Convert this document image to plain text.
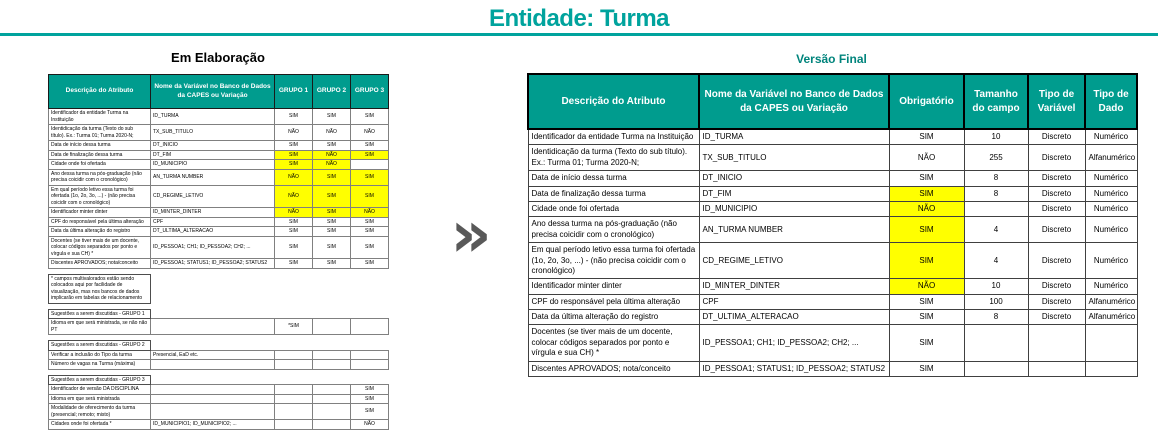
Entidade: Turma
Em Elaboração
Descrição do Atributo	Nome da Variável no Banco de Dados da CAPES ou Variação	GRUPO 1	GRUPO 2	GRUPO 3
Identificador da entidade Turma na Instituição	ID_TURMA	SIM	SIM	SIM
Identidicação da turma (Texto do sub título). Ex.: Turma 01; Turma 2020-N;	TX_SUB_TITULO	NÃO	NÃO	NÃO
Data de início dessa turma	DT_INICIO	SIM	SIM	SIM
Data de finalização dessa turma	DT_FIM	SIM	NÃO	SIM
Cidade onde foi ofertada	ID_MUNICIPIO	SIM	NÃO	
Ano dessa turma na pós-graduação (não precisa coicidir com o cronológico)	AN_TURMA NUMBER	NÃO	SIM	SIM
Em qual período letivo essa turma foi ofertada (1o, 2o, 3o, ...) - (não precisa coicidir com o cronológico)	CD_REGIME_LETIVO	NÃO	SIM	SIM
Identificador minter dinter	ID_MINTER_DINTER	NÃO	SIM	NÃO
CPF do responsável pela última alteração	CPF	SIM	SIM	SIM
Data da última alteração do registro	DT_ULTIMA_ALTERACAO	SIM	SIM	SIM
Docentes (se tiver mais de um docente, colocar códigos separados por ponto e vírgula e sua CH) *	ID_PESSOA1; CH1; ID_PESSOA2; CH2; ...	SIM	SIM	SIM
Discentes APROVADOS; nota/conceito	ID_PESSOA1; STATUS1; ID_PESSOA2; STATUS2	SIM	SIM	SIM

* campos multivalorados estão sendo colocados aqui por facilidade de visualização, mas nos bancos de dados implicarão em tabelas de relacionamento				

Sugestões a serem discutidas - GRUPO 1				
Idioma em que será ministrada, se não não PT		*SIM		

Sugestões a serem discutidas - GRUPO 2				
Verificar a inclusão do Tipo da turma	Presencial, EaD etc.			
Número de vagas na Turma (máxima)				

Sugestões a serem discutidas - GRUPO 3				
Identificador de versão DA DISCIPLINA				SIM
Idioma em que será ministrada				SIM
Modalidade de oferecimento da turma (presencial; remoto; misto)				SIM
Cidades onde foi ofertada *	ID_MUNICIPIO1; ID_MUNICIPIO2; ...			NÃO
»
Versão Final
Descrição do Atributo	Nome da Variável no Banco de Dados da CAPES ou Variação	Obrigatório	Tamanho do campo	Tipo de Variável	Tipo de Dado
Identificador da entidade Turma na Instituição	ID_TURMA	SIM	10	Discreto	Numérico
Identidicação da turma (Texto do sub título). Ex.: Turma 01; Turma 2020-N;	TX_SUB_TITULO	NÃO	255	Discreto	Alfanumérico
Data de início dessa turma	DT_INICIO	SIM	8	Discreto	Numérico
Data de finalização dessa turma	DT_FIM	SIM	8	Discreto	Numérico
Cidade onde foi ofertada	ID_MUNICIPIO	NÃO		Discreto	Numérico
Ano dessa turma na pós-graduação (não precisa coicidir com o cronológico)	AN_TURMA NUMBER	SIM	4	Discreto	Numérico
Em qual período letivo essa turma foi ofertada (1o, 2o, 3o, ...) - (não precisa coicidir com o cronológico)	CD_REGIME_LETIVO	SIM	4	Discreto	Numérico
Identificador minter dinter	ID_MINTER_DINTER	NÃO	10	Discreto	Numérico
CPF do responsável pela última alteração	CPF	SIM	100	Discreto	Alfanumérico
Data da última alteração do registro	DT_ULTIMA_ALTERACAO	SIM	8	Discreto	Alfanumérico
Docentes (se tiver mais de um docente, colocar códigos separados por ponto e vírgula e sua CH) *	ID_PESSOA1; CH1; ID_PESSOA2; CH2; ...	SIM			
Discentes APROVADOS; nota/conceito	ID_PESSOA1; STATUS1; ID_PESSOA2; STATUS2	SIM			
